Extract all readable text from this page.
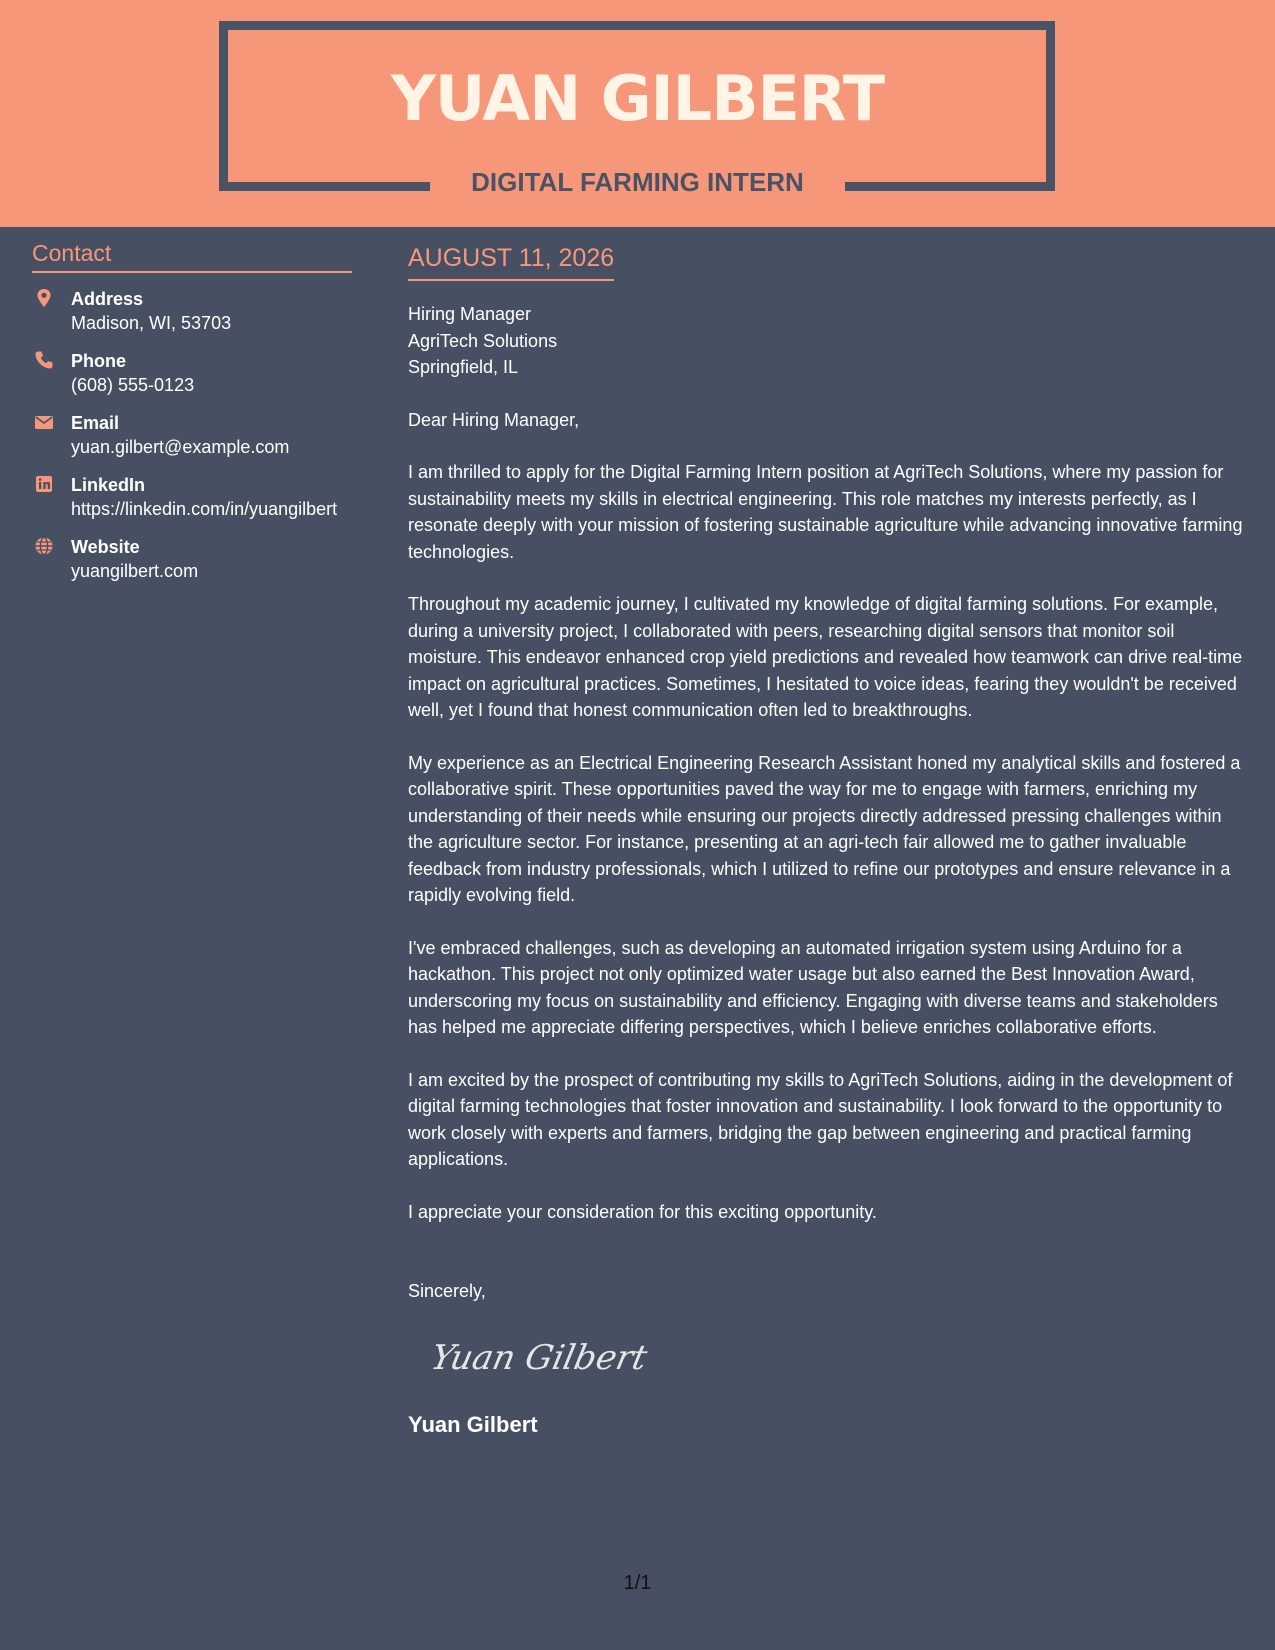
YUAN GILBERT
DIGITAL FARMING INTERN
Contact
Address
Madison, WI, 53703
Phone
(608) 555-0123
Email
yuan.gilbert@example.com
LinkedIn
https://linkedin.com/in/yuangilbert
Website
yuangilbert.com
AUGUST 11, 2026
Hiring Manager
AgriTech Solutions
Springfield, IL

Dear Hiring Manager,

I am thrilled to apply for the Digital Farming Intern position at AgriTech Solutions, where my passion for sustainability meets my skills in electrical engineering. This role matches my interests perfectly, as I resonate deeply with your mission of fostering sustainable agriculture while advancing innovative farming technologies.

Throughout my academic journey, I cultivated my knowledge of digital farming solutions. For example, during a university project, I collaborated with peers, researching digital sensors that monitor soil moisture. This endeavor enhanced crop yield predictions and revealed how teamwork can drive real-time impact on agricultural practices. Sometimes, I hesitated to voice ideas, fearing they wouldn't be received well, yet I found that honest communication often led to breakthroughs.

My experience as an Electrical Engineering Research Assistant honed my analytical skills and fostered a collaborative spirit. These opportunities paved the way for me to engage with farmers, enriching my understanding of their needs while ensuring our projects directly addressed pressing challenges within the agriculture sector. For instance, presenting at an agri-tech fair allowed me to gather invaluable feedback from industry professionals, which I utilized to refine our prototypes and ensure relevance in a rapidly evolving field.

I've embraced challenges, such as developing an automated irrigation system using Arduino for a hackathon. This project not only optimized water usage but also earned the Best Innovation Award, underscoring my focus on sustainability and efficiency. Engaging with diverse teams and stakeholders has helped me appreciate differing perspectives, which I believe enriches collaborative efforts.

I am excited by the prospect of contributing my skills to AgriTech Solutions, aiding in the development of digital farming technologies that foster innovation and sustainability. I look forward to the opportunity to work closely with experts and farmers, bridging the gap between engineering and practical farming applications.

I appreciate your consideration for this exciting opportunity.

Sincerely,
Yuan Gilbert
Yuan Gilbert
1/1
